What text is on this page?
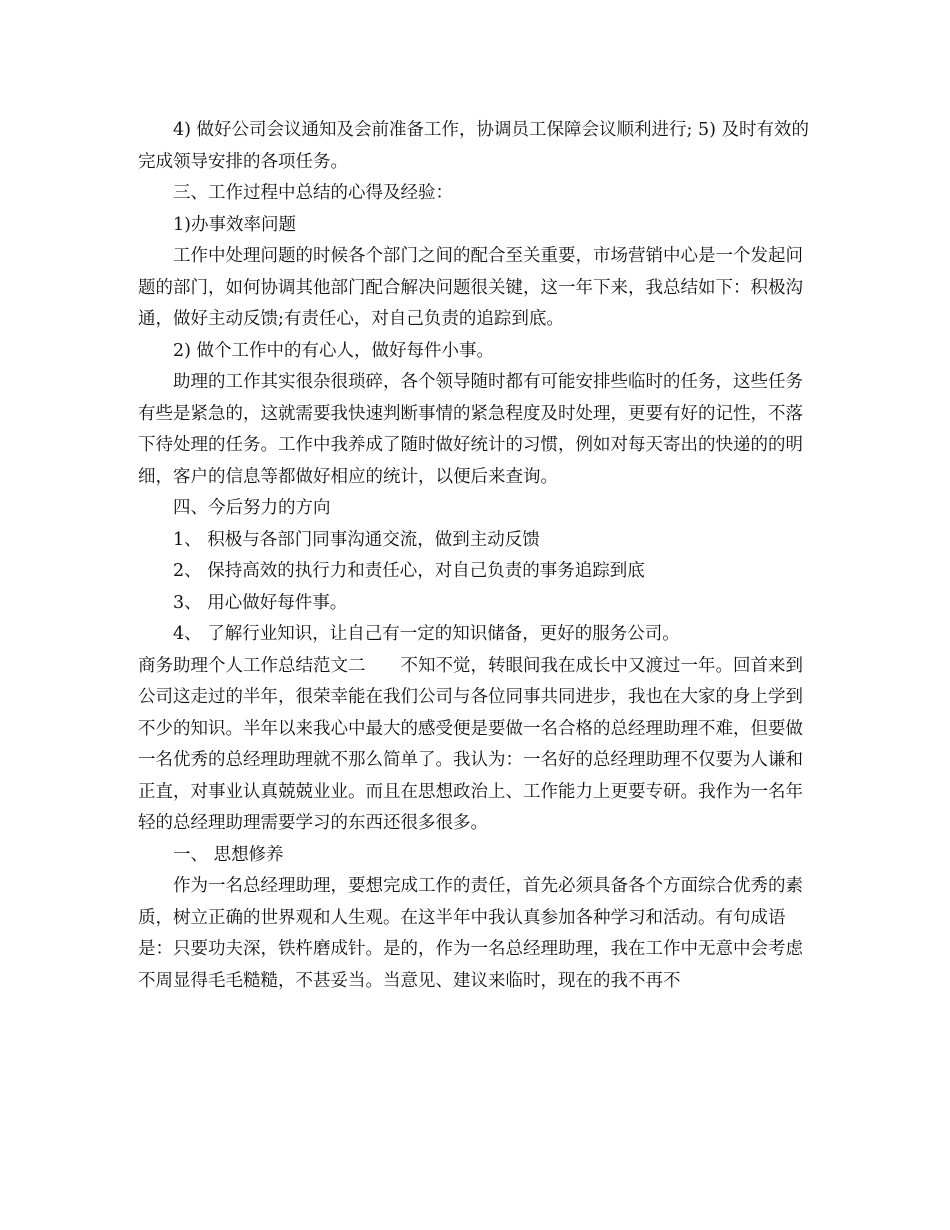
4) 做好公司会议通知及会前准备工作，协调员工保障会议顺利进行; 5) 及时有效的完成领导安排的各项任务。

三、工作过程中总结的心得及经验：

1)办事效率问题

工作中处理问题的时候各个部门之间的配合至关重要，市场营销中心是一个发起问题的部门，如何协调其他部门配合解决问题很关键，这一年下来，我总结如下：积极沟通，做好主动反馈;有责任心，对自己负责的追踪到底。

2) 做个工作中的有心人，做好每件小事。

助理的工作其实很杂很琐碎，各个领导随时都有可能安排些临时的任务，这些任务有些是紧急的，这就需要我快速判断事情的紧急程度及时处理，更要有好的记性，不落下待处理的任务。工作中我养成了随时做好统计的习惯，例如对每天寄出的快递的的明细，客户的信息等都做好相应的统计，以便后来查询。

四、今后努力的方向

1、 积极与各部门同事沟通交流，做到主动反馈

2、 保持高效的执行力和责任心，对自己负责的事务追踪到底

3、 用心做好每件事。

4、 了解行业知识，让自己有一定的知识储备，更好的服务公司。

商务助理个人工作总结范文二　　不知不觉，转眼间我在成长中又渡过一年。回首来到公司这走过的半年，很荣幸能在我们公司与各位同事共同进步，我也在大家的身上学到不少的知识。半年以来我心中最大的感受便是要做一名合格的总经理助理不难，但要做一名优秀的总经理助理就不那么简单了。我认为：一名好的总经理助理不仅要为人谦和正直，对事业认真兢兢业业。而且在思想政治上、工作能力上更要专研。我作为一名年轻的总经理助理需要学习的东西还很多很多。

一、 思想修养

作为一名总经理助理，要想完成工作的责任，首先必须具备各个方面综合优秀的素质，树立正确的世界观和人生观。在这半年中我认真参加各种学习和活动。有句成语是：只要功夫深，铁杵磨成针。是的，作为一名总经理助理，我在工作中无意中会考虑不周显得毛毛糙糙，不甚妥当。当意见、建议来临时，现在的我不再不
